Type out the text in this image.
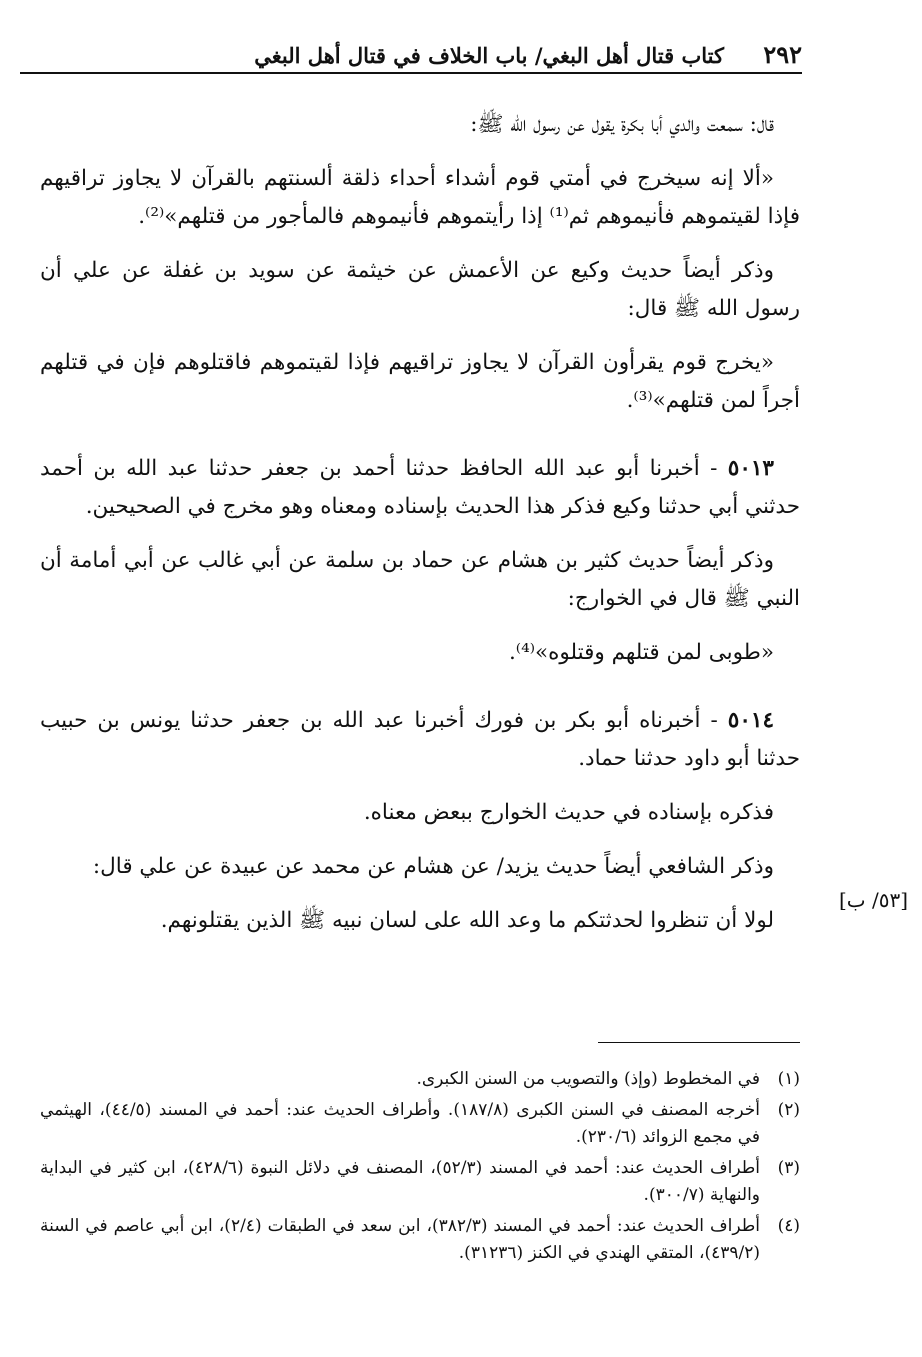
٢٩٢
كتاب قتال أهل البغي/ باب الخلاف في قتال أهل البغي

قال: سمعت والدي أبا بكرة يقول عن رسول الله ﷺ:

«ألا إنه سيخرج في أمتي قوم أشداء أحداء ذلقة ألسنتهم بالقرآن لا يجاوز تراقيهم فإذا لقيتموهم فأنيموهم ثم⁽¹⁾ إذا رأيتموهم فأنيموهم فالمأجور من قتلهم»⁽²⁾.

وذكر أيضاً حديث وكيع عن الأعمش عن خيثمة عن سويد بن غفلة عن علي أن رسول الله ﷺ قال:

«يخرج قوم يقرأون القرآن لا يجاوز تراقيهم فإذا لقيتموهم فاقتلوهم فإن في قتلهم أجراً لمن قتلهم»⁽³⁾.

٥٠١٣ - أخبرنا أبو عبد الله الحافظ حدثنا أحمد بن جعفر حدثنا عبد الله بن أحمد حدثني أبي حدثنا وكيع فذكر هذا الحديث بإسناده ومعناه وهو مخرج في الصحيحين.

وذكر أيضاً حديث كثير بن هشام عن حماد بن سلمة عن أبي غالب عن أبي أمامة أن النبي ﷺ قال في الخوارج:

«طوبى لمن قتلهم وقتلوه»⁽⁴⁾.

٥٠١٤ - أخبرناه أبو بكر بن فورك أخبرنا عبد الله بن جعفر حدثنا يونس بن حبيب حدثنا أبو داود حدثنا حماد.

فذكره بإسناده في حديث الخوارج ببعض معناه.

وذكر الشافعي أيضاً حديث يزيد/ عن هشام عن محمد عن عبيدة عن علي قال:

لولا أن تنظروا لحدثتكم ما وعد الله على لسان نبيه ﷺ الذين يقتلونهم.

[٥٣/ ب]
(١)
في المخطوط (وإذ) والتصويب من السنن الكبرى.
(٢)
أخرجه المصنف في السنن الكبرى (١٨٧/٨). وأطراف الحديث عند: أحمد في المسند (٤٤/٥)، الهيثمي في مجمع الزوائد (٢٣٠/٦).
(٣)
أطراف الحديث عند: أحمد في المسند (٥٢/٣)، المصنف في دلائل النبوة (٤٢٨/٦)، ابن كثير في البداية والنهاية (٣٠٠/٧).
(٤)
أطراف الحديث عند: أحمد في المسند (٣٨٢/٣)، ابن سعد في الطبقات (٢/٤)، ابن أبي عاصم في السنة (٤٣٩/٢)، المتقي الهندي في الكنز (٣١٢٣٦).
